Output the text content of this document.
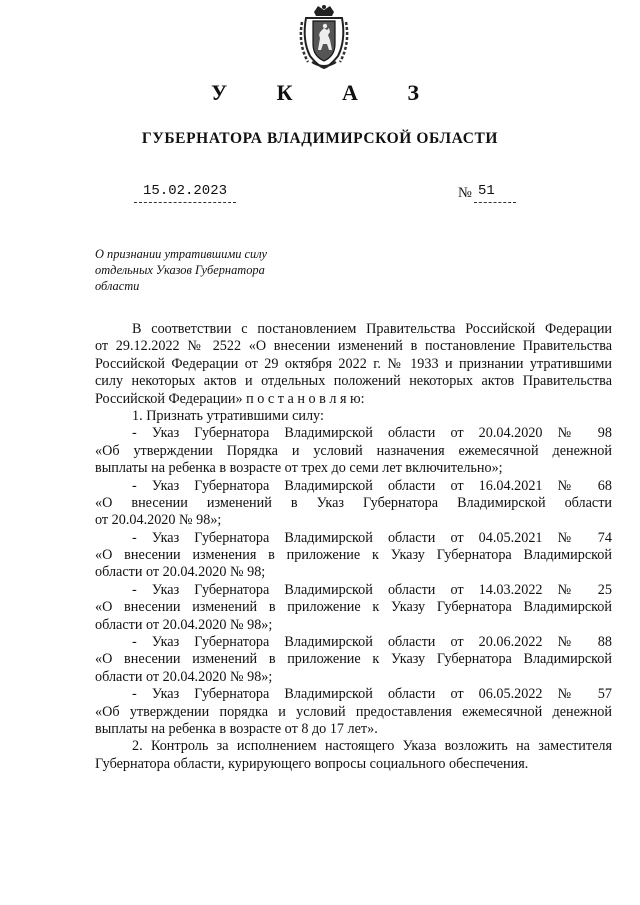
У К А З
ГУБЕРНАТОРА ВЛАДИМИРСКОЙ ОБЛАСТИ
15.02.2023	№ 51
О признании утратившими силу
отдельных Указов Губернатора
области
В соответствии с постановлением Правительства Российской Федерации
от 29.12.2022 № 2522 «О внесении изменений в постановление Правительства
Российской Федерации от 29 октября 2022 г. № 1933 и признании утратившими
силу некоторых актов и отдельных положений некоторых актов Правительства
Российской Федерации» п о с т а н о в л я ю:
1. Признать утратившими силу:
- Указ Губернатора Владимирской области от 20.04.2020 № 98
«Об утверждении Порядка и условий назначения ежемесячной денежной
выплаты на ребенка в возрасте от трех до семи лет включительно»;
- Указ Губернатора Владимирской области от 16.04.2021 № 68
«О внесении изменений в Указ Губернатора Владимирской области
от 20.04.2020 № 98»;
- Указ Губернатора Владимирской области от 04.05.2021 № 74
«О внесении изменения в приложение к Указу Губернатора Владимирской
области от 20.04.2020 № 98;
- Указ Губернатора Владимирской области от 14.03.2022 № 25
«О внесении изменений в приложение к Указу Губернатора Владимирской
области от 20.04.2020 № 98»;
- Указ Губернатора Владимирской области от 20.06.2022 № 88
«О внесении изменений в приложение к Указу Губернатора Владимирской
области от 20.04.2020 № 98»;
- Указ Губернатора Владимирской области от 06.05.2022 № 57
«Об утверждении порядка и условий предоставления ежемесячной денежной
выплаты на ребенка в возрасте от 8 до 17 лет».
2. Контроль за исполнением настоящего Указа возложить на заместителя
Губернатора области, курирующего вопросы социального обеспечения.
